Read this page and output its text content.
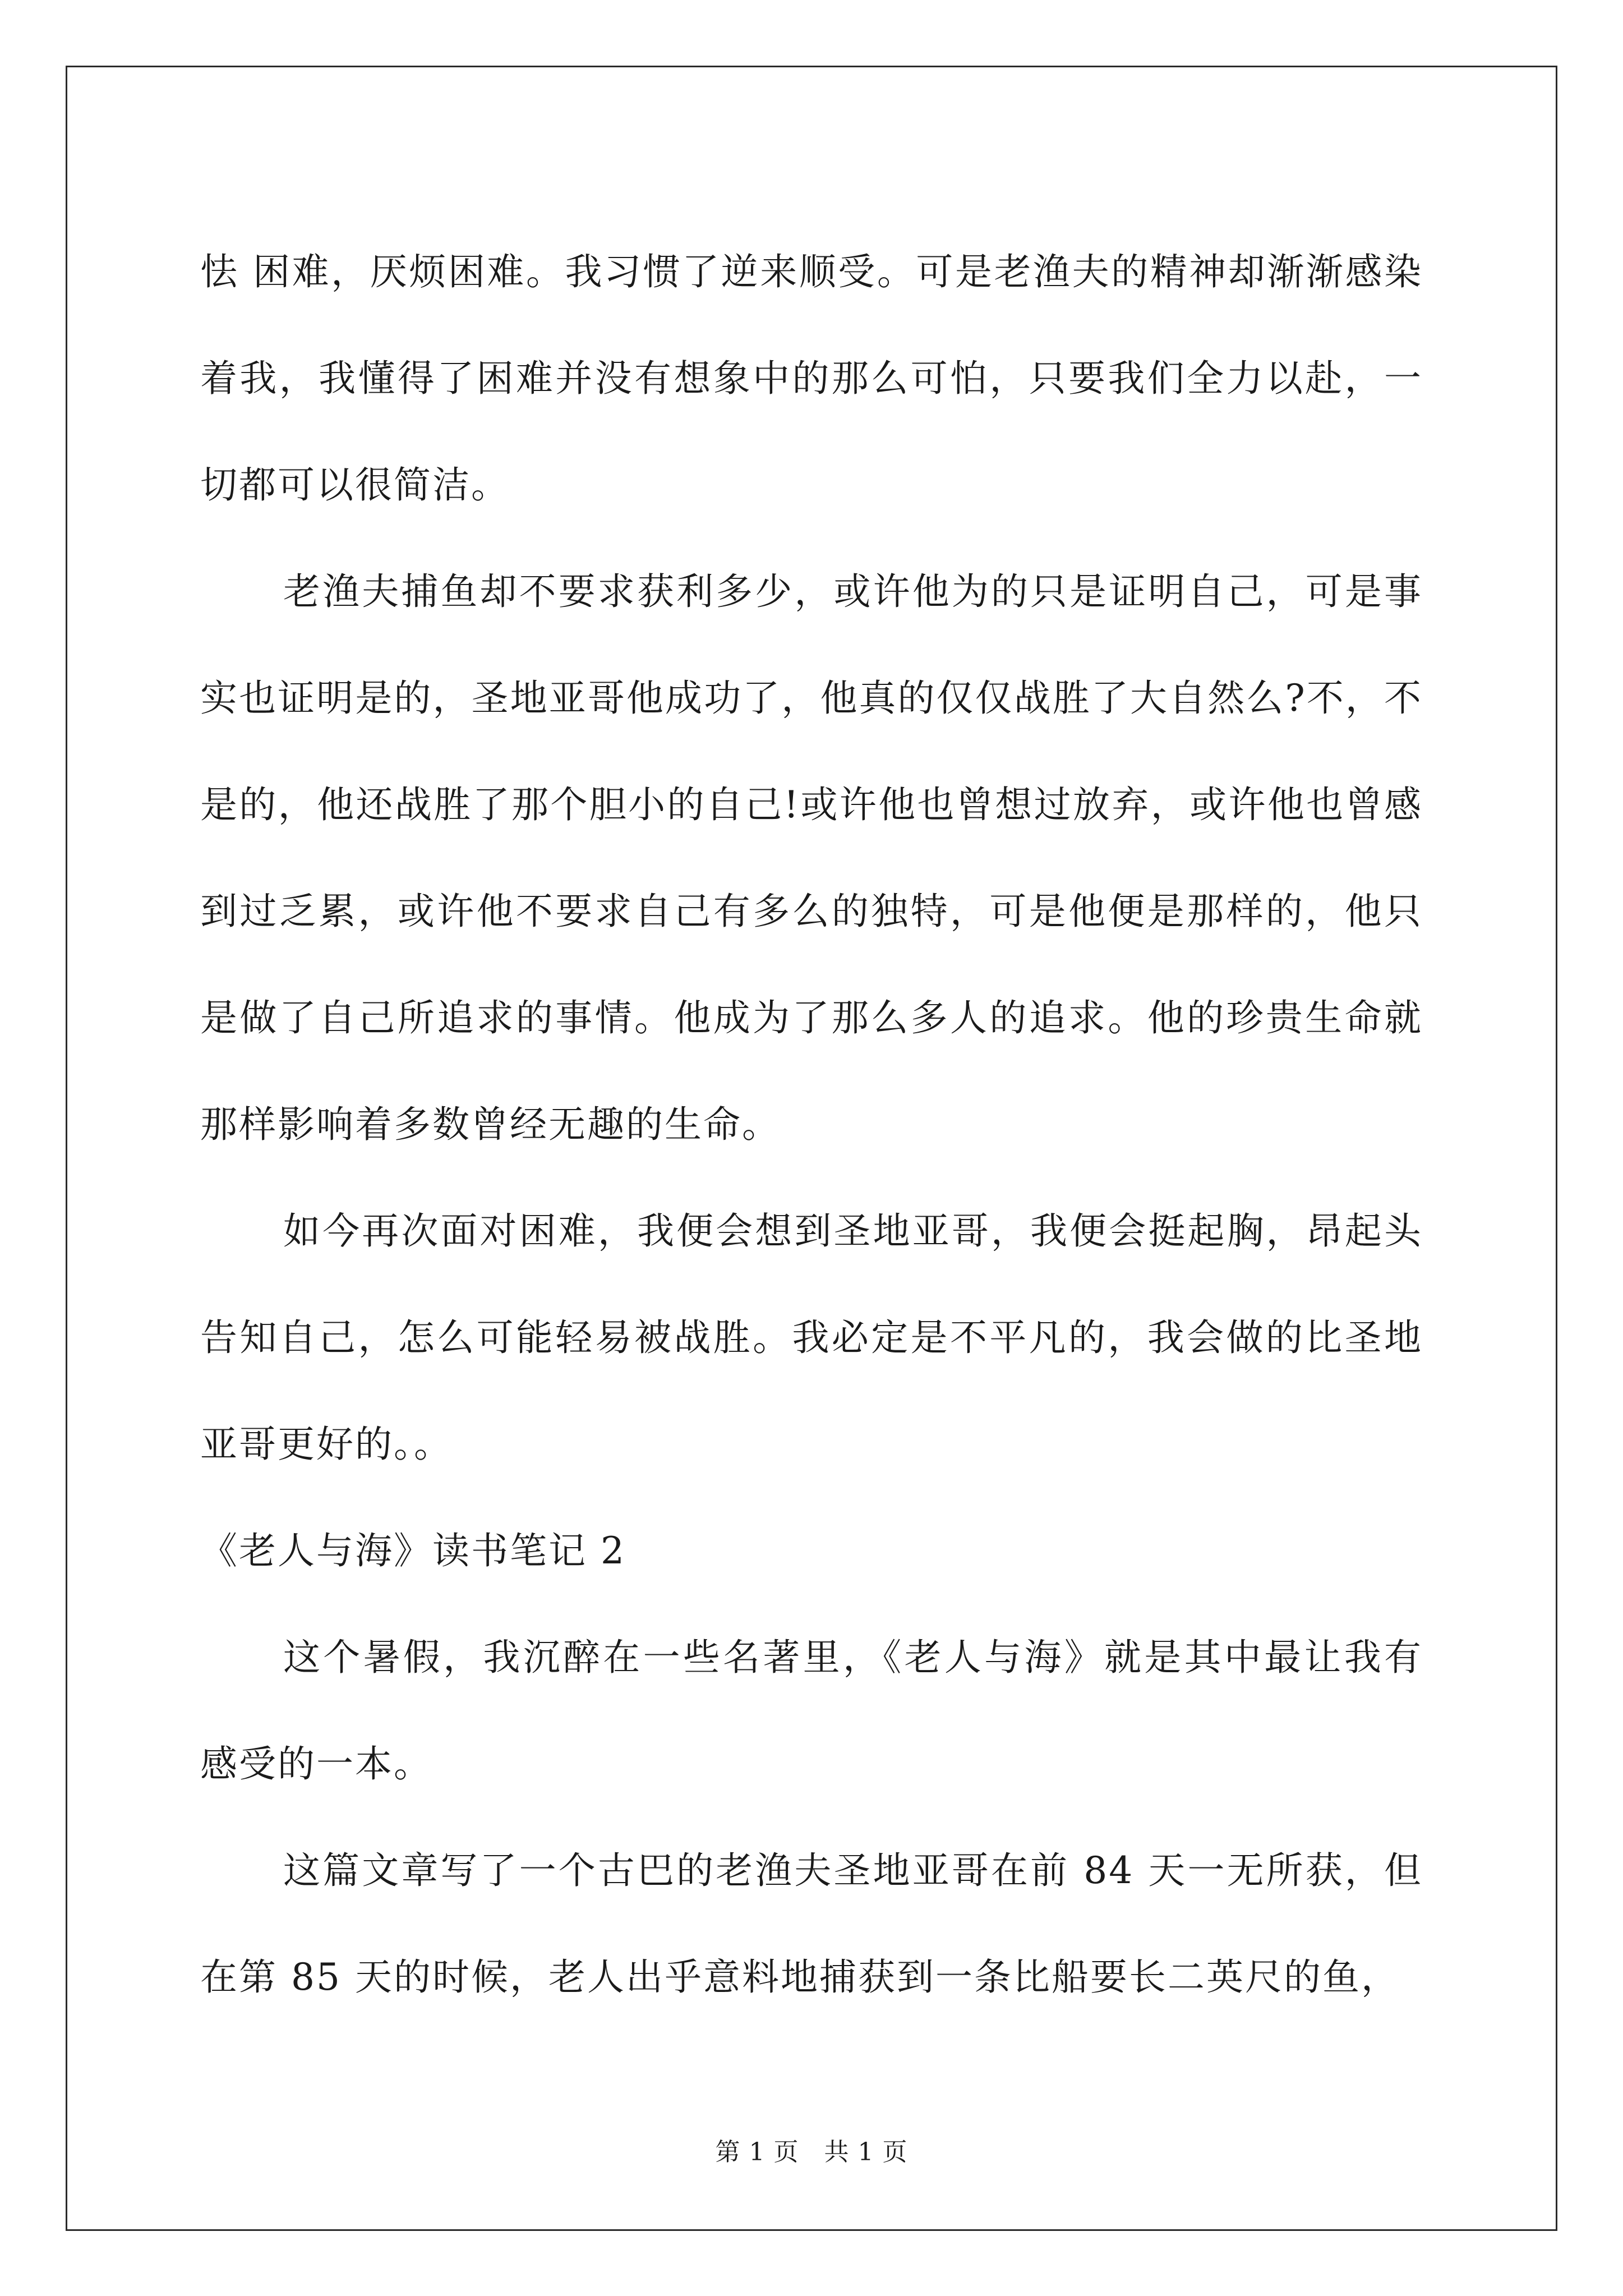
怯 困难，厌烦困难。我习惯了逆来顺受。可是老渔夫的精神却渐渐感染着我，我懂得了困难并没有想象中的那么可怕，只要我们全力以赴，一切都可以很简洁。

老渔夫捕鱼却不要求获利多少，或许他为的只是证明自己，可是事实也证明是的，圣地亚哥他成功了，他真的仅仅战胜了大自然么?不，不是的，他还战胜了那个胆小的自己!或许他也曾想过放弃，或许他也曾感到过乏累，或许他不要求自己有多么的独特，可是他便是那样的，他只是做了自己所追求的事情。他成为了那么多人的追求。他的珍贵生命就那样影响着多数曾经无趣的生命。

如今再次面对困难，我便会想到圣地亚哥，我便会挺起胸，昂起头告知自己，怎么可能轻易被战胜。我必定是不平凡的，我会做的比圣地亚哥更好的。。

《老人与海》读书笔记 2

这个暑假，我沉醉在一些名著里，《老人与海》就是其中最让我有感受的一本。

这篇文章写了一个古巴的老渔夫圣地亚哥在前 84 天一无所获，但在第 85 天的时候，老人出乎意料地捕获到一条比船要长二英尺的鱼，

第 1 页　共 1 页
